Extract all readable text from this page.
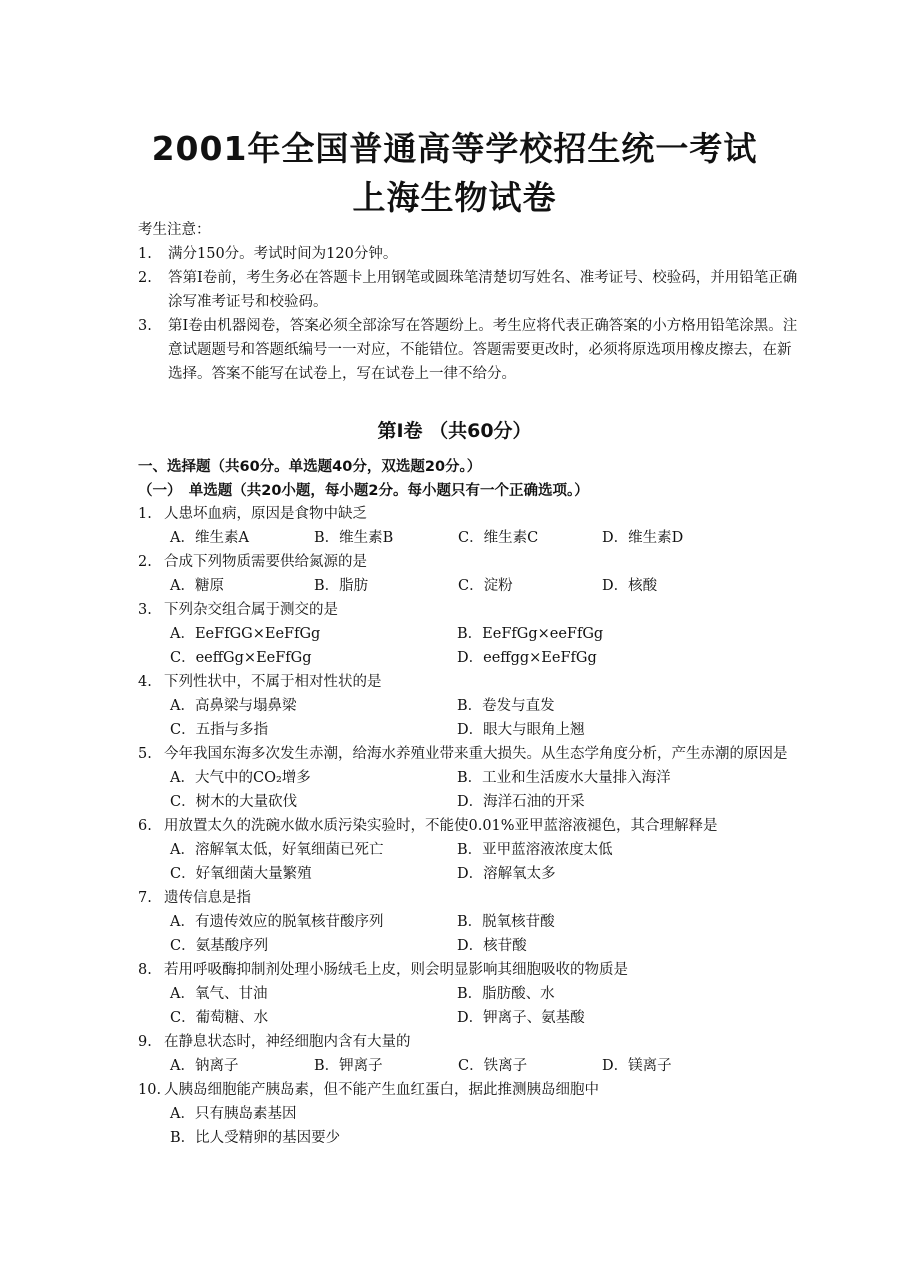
2001年全国普通高等学校招生统一考试
上海生物试卷
考生注意：
1.	满分150分。考试时间为120分钟。
2.	答第Ⅰ卷前，考生务必在答题卡上用钢笔或圆珠笔清楚切写姓名、准考证号、校验码，并用铅笔正确涂写准考证号和校验码。
3.	第Ⅰ卷由机器阅卷，答案必须全部涂写在答题纷上。考生应将代表正确答案的小方格用铅笔涂黑。注意试题题号和答题纸编号一一对应，不能错位。答题需要更改时，必须将原选项用橡皮擦去，在新选择。答案不能写在试卷上，写在试卷上一律不给分。
第Ⅰ卷 （共60分）
一、选择题（共60分。单选题40分，双选题20分。）
（一）　单选题（共20小题，每小题2分。每小题只有一个正确选项。）
1. 人患坏血病，原因是食物中缺乏
A．维生素A	B．维生素B	C．维生素C	D．维生素D
2. 合成下列物质需要供给氮源的是
A．糖原	B．脂肪	C．淀粉	D．核酸
3. 下列杂交组合属于测交的是
A．EeFfGG×EeFfGg	B．EeFfGg×eeFfGg
C．eeffGg×EeFfGg	D．eeffgg×EeFfGg
4. 下列性状中，不属于相对性状的是
A．高鼻梁与塌鼻梁	B．卷发与直发
C．五指与多指	D．眼大与眼角上翘
5. 今年我国东海多次发生赤潮，给海水养殖业带来重大损失。从生态学角度分析，产生赤潮的原因是
A．大气中的CO₂增多	B．工业和生活废水大量排入海洋
C．树木的大量砍伐	D．海洋石油的开采
6. 用放置太久的洗碗水做水质污染实验时，不能使0.01%亚甲蓝溶液褪色，其合理解释是
A．溶解氧太低，好氧细菌已死亡	B．亚甲蓝溶液浓度太低
C．好氧细菌大量繁殖	D．溶解氧太多
7. 遗传信息是指
A．有遗传效应的脱氧核苷酸序列	B．脱氧核苷酸
C．氨基酸序列	D．核苷酸
8. 若用呼吸酶抑制剂处理小肠绒毛上皮，则会明显影响其细胞吸收的物质是
A．氧气、甘油	B．脂肪酸、水
C．葡萄糖、水	D．钾离子、氨基酸
9. 在静息状态时，神经细胞内含有大量的
A．钠离子	B．钾离子	C．铁离子	D．镁离子
10. 人胰岛细胞能产胰岛素，但不能产生血红蛋白，据此推测胰岛细胞中
A．只有胰岛素基因
B．比人受精卵的基因要少
